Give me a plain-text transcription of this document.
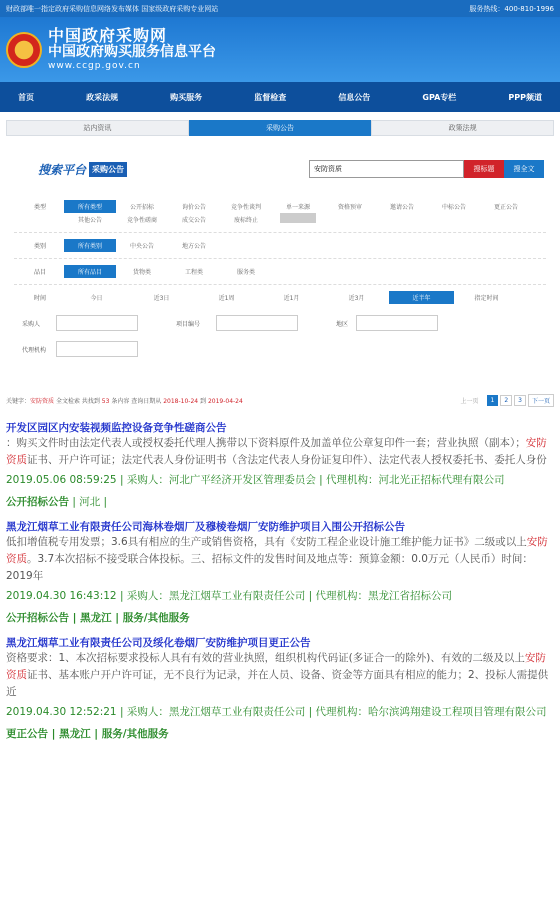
财政部唯一指定政府采购信息网络发布媒体 国家级政府采购专业网站	服务热线：400-810-1996
中国政府采购网
中国政府购买服务信息平台
www.ccgp.gov.cn
首页	政采法规	购买服务	监督检查	信息公告	GPA专栏	PPP频道
站内资讯	采购公告	政策法规
搜索平台 采购公告
安防资质	搜标题	搜全文
类型	所有类型	公开招标	询价公告	竞争性谈判	单一来源	资格预审	邀请公告	中标公告	更正公告
其他公告	竞争性磋商	成交公告	废标终止
类别	所有类别	中央公告	地方公告
品目	所有品目	货物类	工程类	服务类
时间	今日	近3日	近1周	近1月	近3月	近半年	指定时间
采购人	项目编号	地区
代理机构
关键字：安防资质 全文检索 共找到 53 条内容 查询日期从 2018-10-24 到 2019-04-24	上一页	1	2	3	下一页
开发区园区内安装视频监控设备竞争性磋商公告
：购买文件时由法定代表人或授权委托代理人携带以下资料原件及加盖单位公章复印件一套；营业执照（副本）；安防资质证书、开户许可证；法定代表人身份证明书（含法定代表人身份证复印件）、法定代表人授权委托书、委托人身份
2019.05.06 08:59:25 | 采购人：河北广平经济开发区管理委员会 | 代理机构：河北光正招标代理有限公司
公开招标公告 | 河北 |
黑龙江烟草工业有限责任公司海林卷烟厂及穆棱卷烟厂安防维护项目入围公开招标公告
低扣增值税专用发票；3.6具有相应的生产或销售资格，具有《安防工程企业设计施工维护能力证书》二级或以上安防资质。3.7本次招标不接受联合体投标。三、招标文件的发售时间及地点等：预算金额：0.0万元（人民币）时间：2019年
2019.04.30 16:43:12 | 采购人：黑龙江烟草工业有限责任公司 | 代理机构：黑龙江省招标公司
公开招标公告 | 黑龙江 | 服务/其他服务
黑龙江烟草工业有限责任公司及绥化卷烟厂安防维护项目更正公告
资格要求：1、本次招标要求投标人具有有效的营业执照，组织机构代码证(多证合一的除外)、有效的二级及以上安防资质证书、基本账户开户许可证，无不良行为记录，并在人员、设备、资金等方面具有相应的能力；2、投标人需提供近
2019.04.30 12:52:21 | 采购人：黑龙江烟草工业有限责任公司 | 代理机构：哈尔滨鸿翔建设工程项目管理有限公司
更正公告 | 黑龙江 | 服务/其他服务
